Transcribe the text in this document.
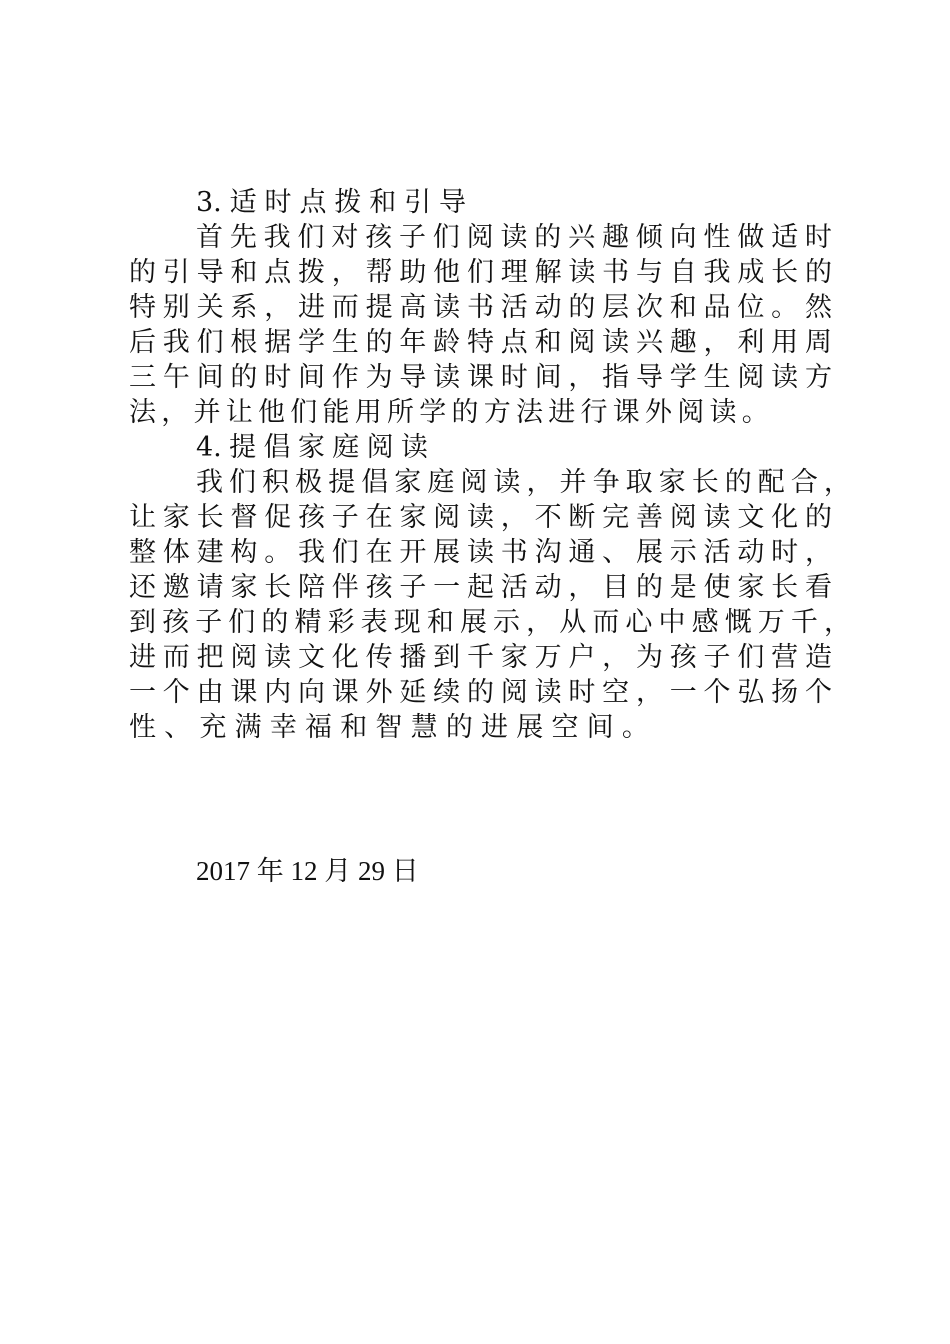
3. 适 时 点 拨 和 引 导
首 先 我 们 对 孩 子 们 阅 读 的 兴 趣 倾 向 性 做 适 时
的 引 导 和 点 拨 ， 帮 助 他 们 理 解 读 书 与 自 我 成 长 的
特 别 关 系 ， 进 而 提 高 读 书 活 动 的 层 次 和 品 位 。 然
后 我 们 根 据 学 生 的 年 龄 特 点 和 阅 读 兴 趣 ， 利 用 周
三 午 间 的 时 间 作 为 导 读 课 时 间 ， 指 导 学 生 阅 读 方
法 ， 并 让 他 们 能 用 所 学 的 方 法 进 行 课 外 阅 读 。
4. 提 倡 家 庭 阅 读
我 们 积 极 提 倡 家 庭 阅 读 ， 并 争 取 家 长 的 配 合 ，
让 家 长 督 促 孩 子 在 家 阅 读 ， 不 断 完 善 阅 读 文 化 的
整 体 建 构 。 我 们 在 开 展 读 书 沟 通 、 展 示 活 动 时 ，
还 邀 请 家 长 陪 伴 孩 子 一 起 活 动 ， 目 的 是 使 家 长 看
到 孩 子 们 的 精 彩 表 现 和 展 示 ， 从 而 心 中 感 慨 万 千 ，
进 而 把 阅 读 文 化 传 播 到 千 家 万 户 ， 为 孩 子 们 营 造
一 个 由 课 内 向 课 外 延 续 的 阅 读 时 空 ， 一 个 弘 扬 个
性 、 充 满 幸 福 和 智 慧 的 进 展 空 间 。
2017 年 12 月 29 日
